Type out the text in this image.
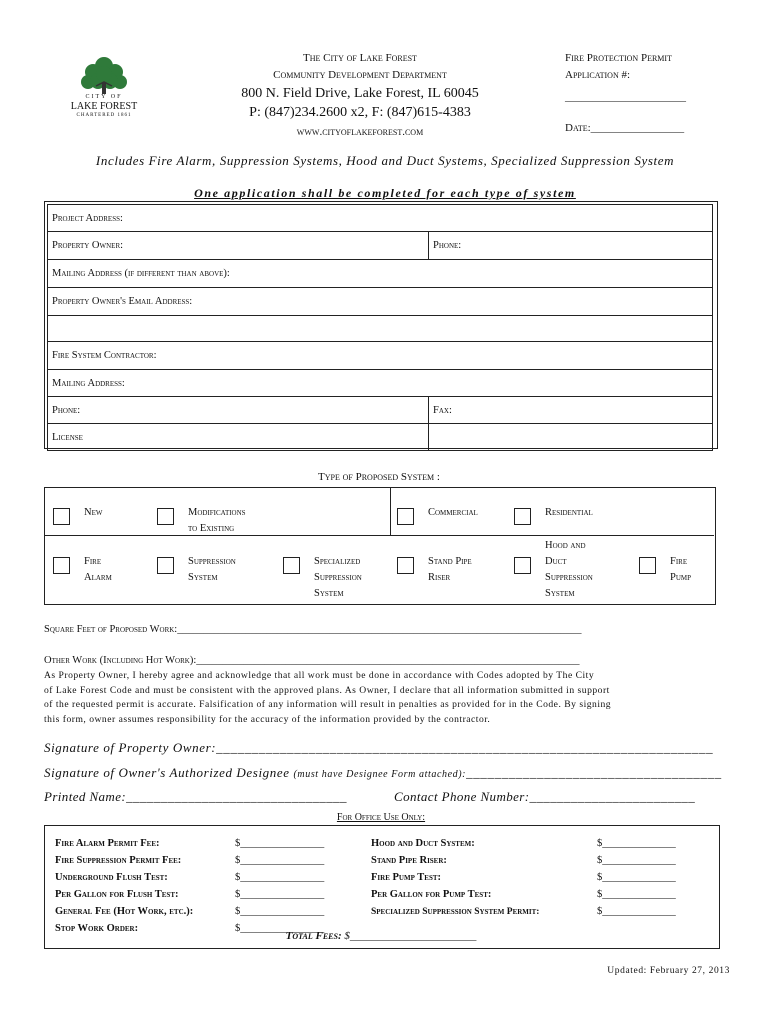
CITY OF
LAKE FOREST
CHARTERED 1861
The City of Lake Forest
Community Development Department
800 N. Field Drive, Lake Forest, IL 60045
P: (847)234.2600 x2, F: (847)615-4383
www.cityoflakeforest.com
Fire Protection Permit
Application #:
______________________
Date:_________________
Includes Fire Alarm, Suppression Systems, Hood and Duct Systems, Specialized Suppression System
One application shall be completed for each type of system
Project Address:	
Property Owner:	Phone:
Mailing Address (if different than above):	
Property Owner's Email Address:	

Fire System Contractor:	
Mailing Address:	
Phone:	Fax:
License	
Type of Proposed System :
New	Modifications
to Existing
Commercial	Residential
Fire
Alarm
Suppression
System
Specialized
Suppression
System
Stand Pipe
Riser
Hood and
Duct
Suppression
System
Fire
Pump
Square Feet of Proposed Work:_____________________________________________________________________________
Other Work (Including Hot Work):_________________________________________________________________________
As Property Owner, I hereby agree and acknowledge that all work must be done in accordance with Codes adopted by The City
of Lake Forest Code and must be consistent with the approved plans. As Owner, I declare that all information submitted in support
of the requested permit is accurate. Falsification of any information will result in penalties as provided for in the Code. By signing
this form, owner assumes responsibility for the accuracy of the information provided by the contractor.
Signature of Property Owner:______________________________________________________________________
Signature of Owner's Authorized Designee (must have Designee Form attached):____________________________________
Printed Name:________________________________	Contact Phone Number:________________________
For Office Use Only:
Fire Alarm Permit Fee:	$________________
Fire Suppression Permit Fee:	$________________
Underground Flush Test:	$________________
Per Gallon for Flush Test:	$________________
General Fee (Hot Work, etc.):	$________________
Stop Work Order:	$________________
Hood and Duct System:	$______________
Stand Pipe Riser:	$______________
Fire Pump Test:	$______________
Per Gallon for Pump Test:	$______________
Specialized Suppression System Permit:	$______________
Total Fees: $_______________________
Updated: February 27, 2013
